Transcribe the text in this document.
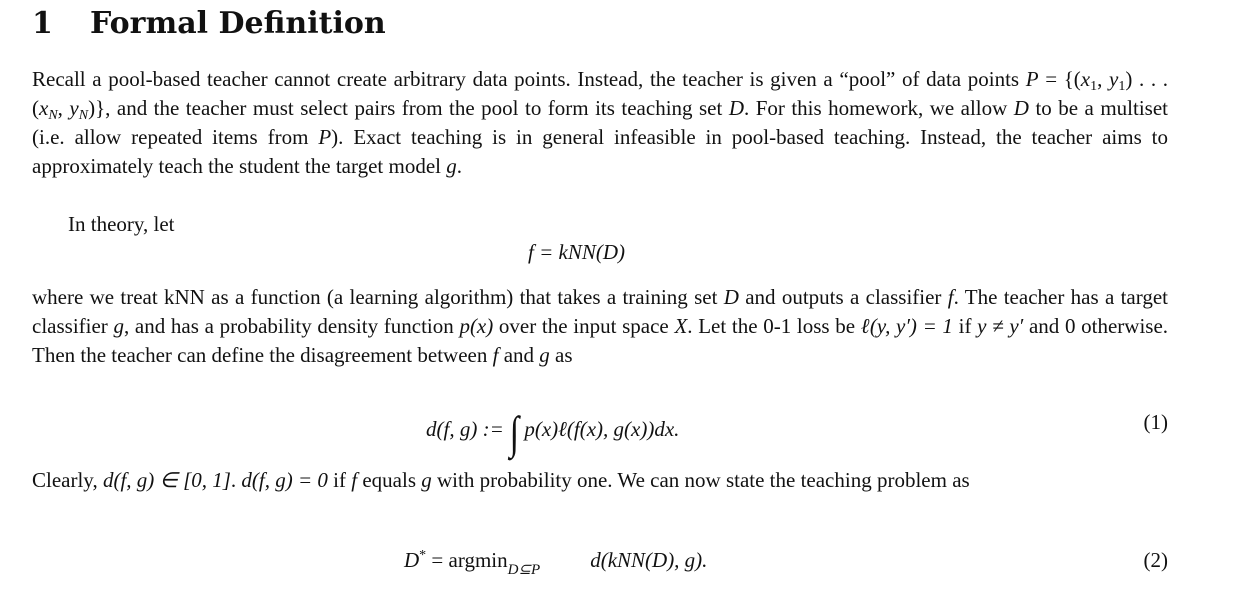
1 Formal Definition

Recall a pool-based teacher cannot create arbitrary data points. Instead, the teacher is given a “pool” of data points $P = \{(x_1$, $y_1$) . . . ($x_N$, $y_N$)}, and the teacher must select pairs from the pool to form its teaching set D. For this homework, we allow D to be a multiset (i.e. allow repeated items from P). Exact teaching is in general infeasible in pool-based teaching. Instead, the teacher aims to approximately teach the student the target model g.

In theory, let

f = kNN(D)

where we treat kNN as a function (a learning algorithm) that takes a training set D and outputs a classifier f. The teacher has a target classifier g, and has a probability density function p(x) over the input space X. Let the 0-1 loss be ℓ(y, y′) = 1 if y ≠ y′ and 0 otherwise. Then the teacher can define the disagreement between f and g as

d(f, g) := ∫ p(x)ℓ(f(x), g(x))dx.	(1)

Clearly, d(f, g) ∈ [0, 1]. d(f, g) = 0 if f equals g with probability one. We can now state the teaching problem as

D* = argmin$_{D⊆P}$ d(kNN(D), g).	(2)
